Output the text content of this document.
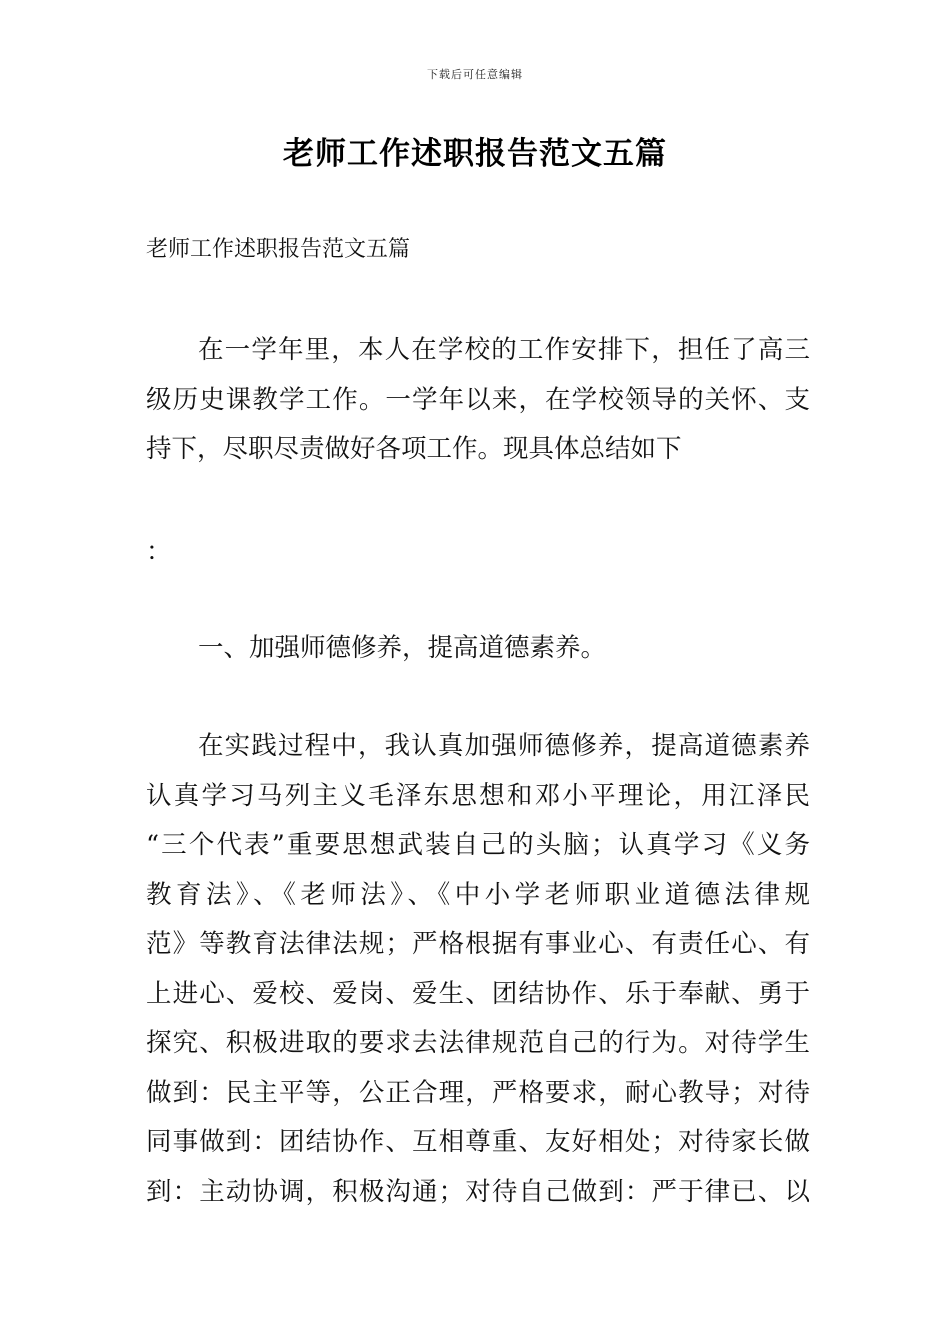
下载后可任意编辑
老师工作述职报告范文五篇
老师工作述职报告范文五篇
在一学年里，本人在学校的工作安排下，担任了高三
级历史课教学工作。一学年以来，在学校领导的关怀、支
持下，尽职尽责做好各项工作。现具体总结如下
：
一、加强师德修养，提高道德素养。
在实践过程中，我认真加强师德修养，提高道德素养
认真学习马列主义毛泽东思想和邓小平理论，用江泽民
“三个代表”重要思想武装自己的头脑；认真学习《义务
教育法》、《老师法》、《中小学老师职业道德法律规
范》等教育法律法规；严格根据有事业心、有责任心、有
上进心、爱校、爱岗、爱生、团结协作、乐于奉献、勇于
探究、积极进取的要求去法律规范自己的行为。对待学生
做到：民主平等，公正合理，严格要求，耐心教导；对待
同事做到：团结协作、互相尊重、友好相处；对待家长做
到：主动协调，积极沟通；对待自己做到：严于律已、以
